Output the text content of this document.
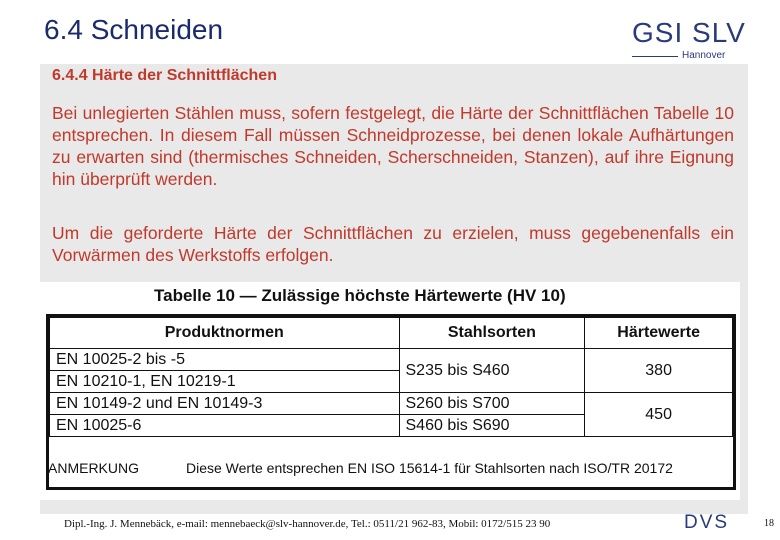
6.4 Schneiden	GSI SLV
Hannover
6.4.4 Härte der Schnittflächen
Bei unlegierten Stählen muss, sofern festgelegt, die Härte der Schnittflächen Tabelle 10 entsprechen. In diesem Fall müssen Schneidprozesse, bei denen lokale Aufhärtungen zu erwarten sind (thermisches Schneiden, Scherschneiden, Stanzen), auf ihre Eignung hin überprüft werden.
Um die geforderte Härte der Schnittflächen zu erzielen, muss gegebenenfalls ein Vorwärmen des Werkstoffs erfolgen.
Tabelle 10 — Zulässige höchste Härtewerte (HV 10)
Produktnormen	Stahlsorten	Härtewerte
EN 10025-2 bis -5	S235 bis S460	380
EN 10210-1, EN 10219-1		
EN 10149-2 und EN 10149-3	S260 bis S700	450
EN 10025-6	S460 bis S690	
ANMERKUNG	Diese Werte entsprechen EN ISO 15614-1 für Stahlsorten nach ISO/TR 20172
Dipl.-Ing. J. Mennebäck, e-mail: mennebaeck@slv-hannover.de, Tel.: 0511/21 962-83, Mobil: 0172/515 23 90	DVS	18
